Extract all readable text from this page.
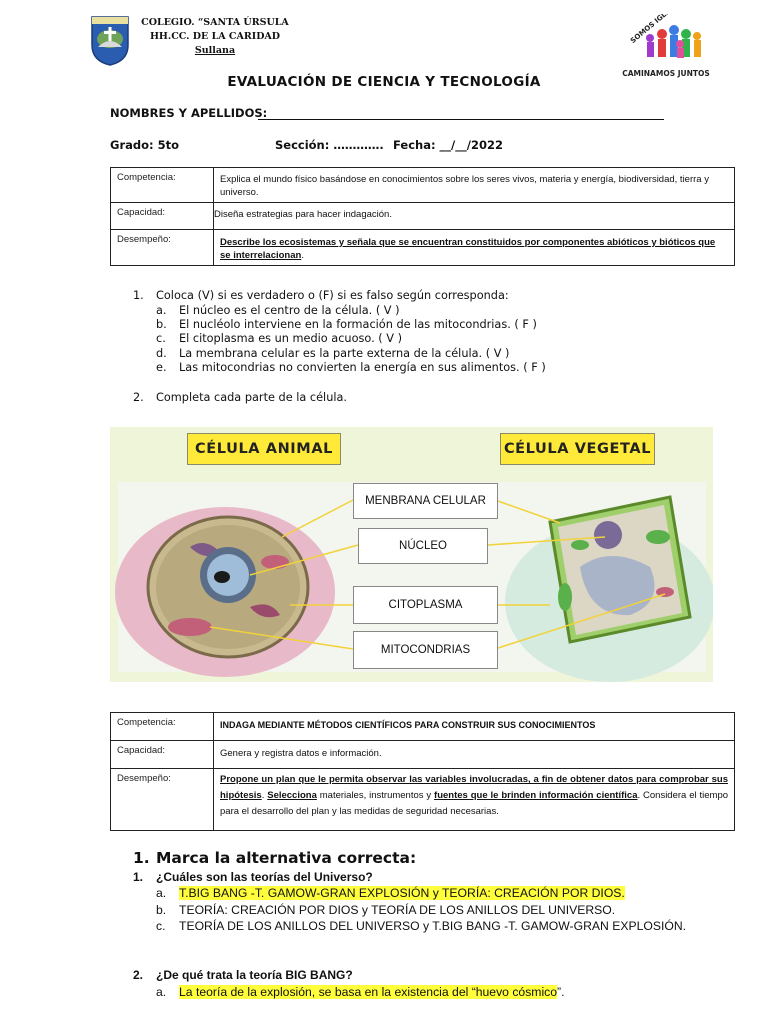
COLEGIO. “SANTA ÚRSULA
HH.CC. DE LA CARIDAD
Sullana
CAMINAMOS JUNTOS
EVALUACIÓN DE CIENCIA Y TECNOLOGÍA
NOMBRES Y APELLIDOS:
Grado: 5to	Sección: …………. Fecha: __/__/2022
Competencia:	Explica el mundo físico basándose en conocimientos sobre los seres vivos, materia y energía, biodiversidad, tierra y universo.
Capacidad:	Diseña estrategias para hacer indagación.
Desempeño:	Describe los ecosistemas y señala que se encuentran constituidos por componentes abióticos y bióticos que se interrelacionan.
1. Coloca (V) si es verdadero o (F) si es falso según corresponda:
a. El núcleo es el centro de la célula. ( V )
b. El nucléolo interviene en la formación de las mitocondrias. ( F )
c. El citoplasma es un medio acuoso. ( V )
d. La membrana celular es la parte externa de la célula. ( V )
e. Las mitocondrias no convierten la energía en sus alimentos. ( F )
2. Completa cada parte de la célula.
CÉLULA ANIMAL	CÉLULA VEGETAL
MENBRANA CELULAR
NÚCLEO
CITOPLASMA
MITOCONDRIAS
Competencia:	INDAGA MEDIANTE MÉTODOS CIENTÍFICOS PARA CONSTRUIR SUS CONOCIMIENTOS
Capacidad:	Genera y registra datos e información.
Desempeño:	Propone un plan que le permita observar las variables involucradas, a fin de obtener datos para comprobar sus hipótesis. Selecciona materiales, instrumentos y fuentes que le brinden información científica. Considera el tiempo para el desarrollo del plan y las medidas de seguridad necesarias.
1. Marca la alternativa correcta:
1. ¿Cuáles son las teorías del Universo?
a. T.BIG BANG -T. GAMOW-GRAN EXPLOSIÓN y TEORÍA: CREACIÓN POR DIOS.
b. TEORÍA: CREACIÓN POR DIOS y TEORÍA DE LOS ANILLOS DEL UNIVERSO.
c. TEORÍA DE LOS ANILLOS DEL UNIVERSO y T.BIG BANG -T. GAMOW-GRAN EXPLOSIÓN.
2. ¿De qué trata la teoría BIG BANG?
a. La teoría de la explosión, se basa en la existencia del “huevo cósmico”.
